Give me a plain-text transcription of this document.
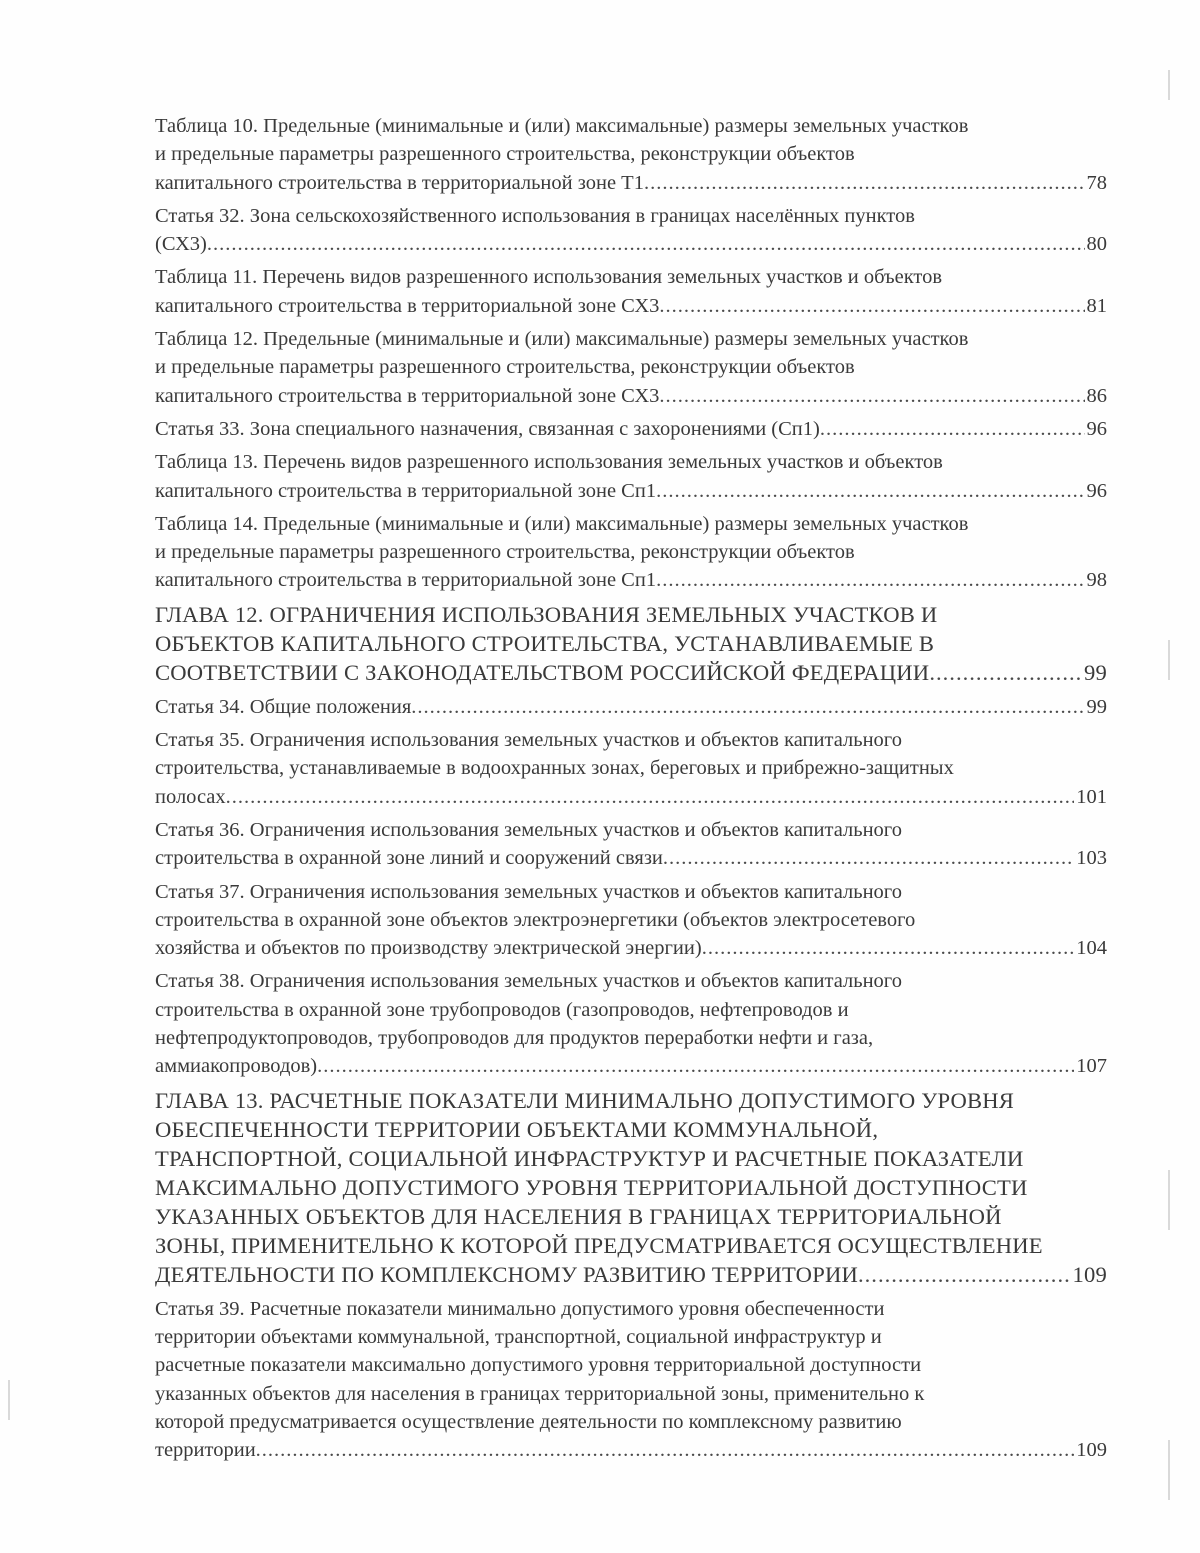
Таблица 10. Предельные (минимальные и (или) максимальные) размеры земельных участков
и предельные параметры разрешенного строительства, реконструкции объектов
капитального строительства в территориальной зоне Т1 .....	78
Статья 32. Зона сельскохозяйственного использования в границах населённых пунктов
(СХ3) .....	80
Таблица 11. Перечень видов разрешенного использования земельных участков и объектов
капитального строительства в территориальной зоне СХ3 .....	81
Таблица 12. Предельные (минимальные и (или) максимальные) размеры земельных участков
и предельные параметры разрешенного строительства, реконструкции объектов
капитального строительства в территориальной зоне СХ3 .....	86
Статья 33. Зона специального назначения, связанная с захоронениями (Сп1) .....	96
Таблица 13. Перечень видов разрешенного использования земельных участков и объектов
капитального строительства в территориальной зоне Сп1 .....	96
Таблица 14. Предельные (минимальные и (или) максимальные) размеры земельных участков
и предельные параметры разрешенного строительства, реконструкции объектов
капитального строительства в территориальной зоне Сп1 .....	98
ГЛАВА 12. ОГРАНИЧЕНИЯ ИСПОЛЬЗОВАНИЯ ЗЕМЕЛЬНЫХ УЧАСТКОВ И
ОБЪЕКТОВ КАПИТАЛЬНОГО СТРОИТЕЛЬСТВА, УСТАНАВЛИВАЕМЫЕ В
СООТВЕТСТВИИ С ЗАКОНОДАТЕЛЬСТВОМ РОССИЙСКОЙ ФЕДЕРАЦИИ .....	99
Статья 34. Общие положения .....	99
Статья 35. Ограничения использования земельных участков и объектов капитального
строительства, устанавливаемые в водоохранных зонах, береговых и прибрежно-защитных
полосах .....	101
Статья 36. Ограничения использования земельных участков и объектов капитального
строительства в охранной зоне линий и сооружений связи .....	103
Статья 37. Ограничения использования земельных участков и объектов капитального
строительства в охранной зоне объектов электроэнергетики (объектов электросетевого
хозяйства и объектов по производству электрической энергии) .....	104
Статья 38. Ограничения использования земельных участков и объектов капитального
строительства в охранной зоне трубопроводов (газопроводов, нефтепроводов и
нефтепродуктопроводов, трубопроводов для продуктов переработки нефти и газа,
аммиакопроводов) .....	107
ГЛАВА 13. РАСЧЕТНЫЕ ПОКАЗАТЕЛИ МИНИМАЛЬНО ДОПУСТИМОГО УРОВНЯ
ОБЕСПЕЧЕННОСТИ ТЕРРИТОРИИ ОБЪЕКТАМИ КОММУНАЛЬНОЙ,
ТРАНСПОРТНОЙ, СОЦИАЛЬНОЙ ИНФРАСТРУКТУР И РАСЧЕТНЫЕ ПОКАЗАТЕЛИ
МАКСИМАЛЬНО ДОПУСТИМОГО УРОВНЯ ТЕРРИТОРИАЛЬНОЙ ДОСТУПНОСТИ
УКАЗАННЫХ ОБЪЕКТОВ ДЛЯ НАСЕЛЕНИЯ В ГРАНИЦАХ ТЕРРИТОРИАЛЬНОЙ
ЗОНЫ, ПРИМЕНИТЕЛЬНО К КОТОРОЙ ПРЕДУСМАТРИВАЕТСЯ ОСУЩЕСТВЛЕНИЕ
ДЕЯТЕЛЬНОСТИ ПО КОМПЛЕКСНОМУ РАЗВИТИЮ ТЕРРИТОРИИ .....	109
Статья 39. Расчетные показатели минимально допустимого уровня обеспеченности
территории объектами коммунальной, транспортной, социальной инфраструктур и
расчетные показатели максимально допустимого уровня территориальной доступности
указанных объектов для населения в границах территориальной зоны, применительно к
которой предусматривается осуществление деятельности по комплексному развитию
территории .....	109
